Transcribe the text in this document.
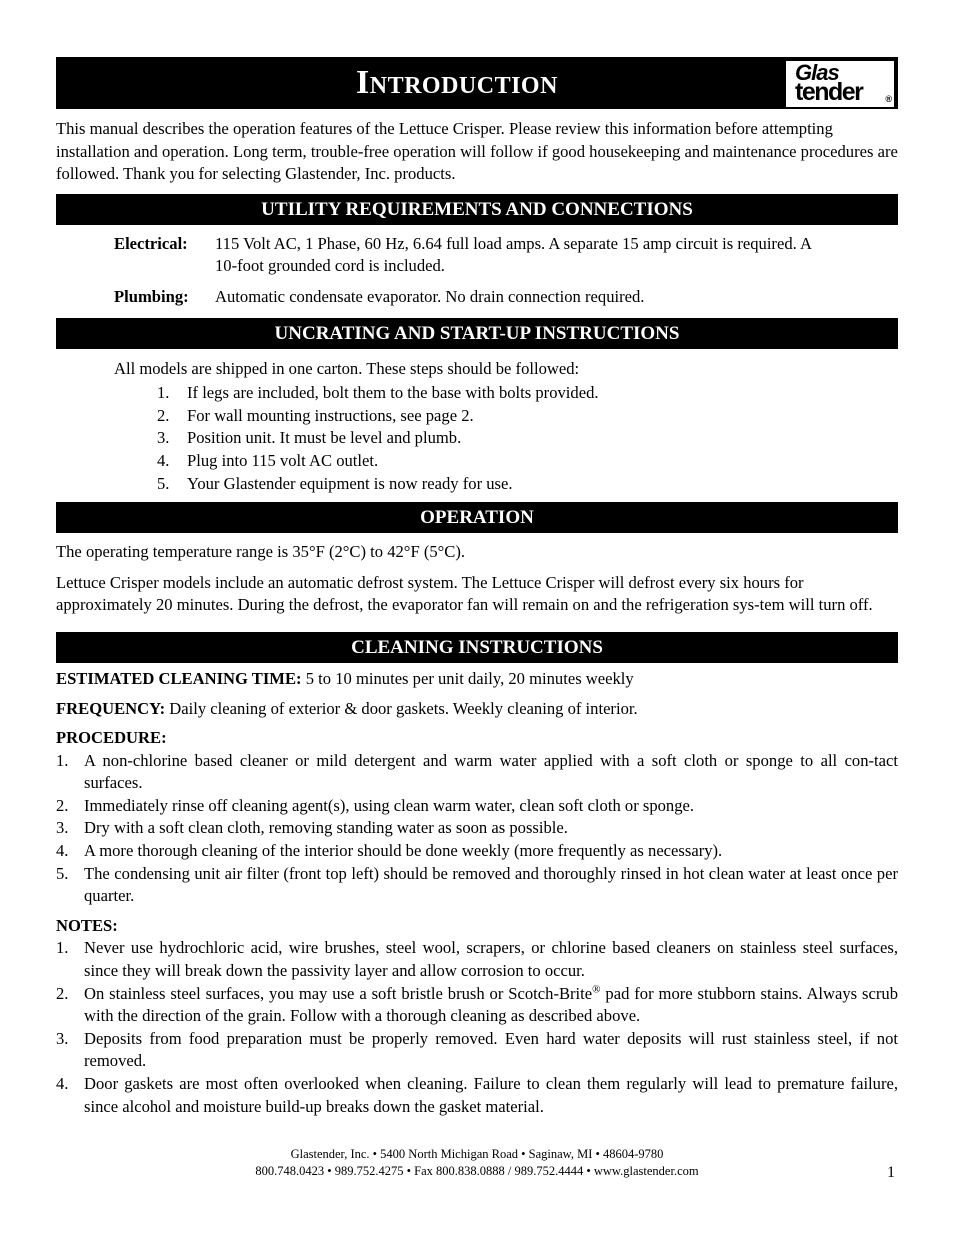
Introduction	Glas
tender	®

This manual describes the operation features of the Lettuce Crisper. Please review this information before attempting installation and operation. Long term, trouble-free operation will follow if good housekeeping and maintenance procedures are followed. Thank you for selecting Glastender, Inc. products.

UTILITY REQUIREMENTS AND CONNECTIONS
Electrical:	115 Volt AC, 1 Phase, 60 Hz, 6.64 full load amps. A separate 15 amp circuit is required. A 10-foot grounded cord is included.
Plumbing:	Automatic condensate evaporator. No drain connection required.
UNCRATING AND START-UP INSTRUCTIONS

All models are shipped in one carton. These steps should be followed:

1.	If legs are included, bolt them to the base with bolts provided.
2.	For wall mounting instructions, see page 2.
3.	Position unit. It must be level and plumb.
4.	Plug into 115 volt AC outlet.
5.	Your Glastender equipment is now ready for use.
OPERATION

The operating temperature range is 35°F (2°C) to 42°F (5°C).

Lettuce Crisper models include an automatic defrost system. The Lettuce Crisper will defrost every six hours for approximately 20 minutes. During the defrost, the evaporator fan will remain on and the refrigeration sys-tem will turn off.

CLEANING INSTRUCTIONS

ESTIMATED CLEANING TIME: 5 to 10 minutes per unit daily, 20 minutes weekly

FREQUENCY: Daily cleaning of exterior & door gaskets. Weekly cleaning of interior.

PROCEDURE:

1. A non-chlorine based cleaner or mild detergent and warm water applied with a soft cloth or sponge to all con-tact surfaces.
2. Immediately rinse off cleaning agent(s), using clean warm water, clean soft cloth or sponge.
3. Dry with a soft clean cloth, removing standing water as soon as possible.
4. A more thorough cleaning of the interior should be done weekly (more frequently as necessary).
5. The condensing unit air filter (front top left) should be removed and thoroughly rinsed in hot clean water at least once per quarter.

NOTES:

1. Never use hydrochloric acid, wire brushes, steel wool, scrapers, or chlorine based cleaners on stainless steel surfaces, since they will break down the passivity layer and allow corrosion to occur.
2. On stainless steel surfaces, you may use a soft bristle brush or Scotch-Brite® pad for more stubborn stains. Always scrub with the direction of the grain. Follow with a thorough cleaning as described above.
3. Deposits from food preparation must be properly removed. Even hard water deposits will rust stainless steel, if not removed.
4. Door gaskets are most often overlooked when cleaning. Failure to clean them regularly will lead to premature failure, since alcohol and moisture build-up breaks down the gasket material.
Glastender, Inc. • 5400 North Michigan Road • Saginaw, MI • 48604-9780
800.748.0423 • 989.752.4275 • Fax 800.838.0888 / 989.752.4444 • www.glastender.com	1
